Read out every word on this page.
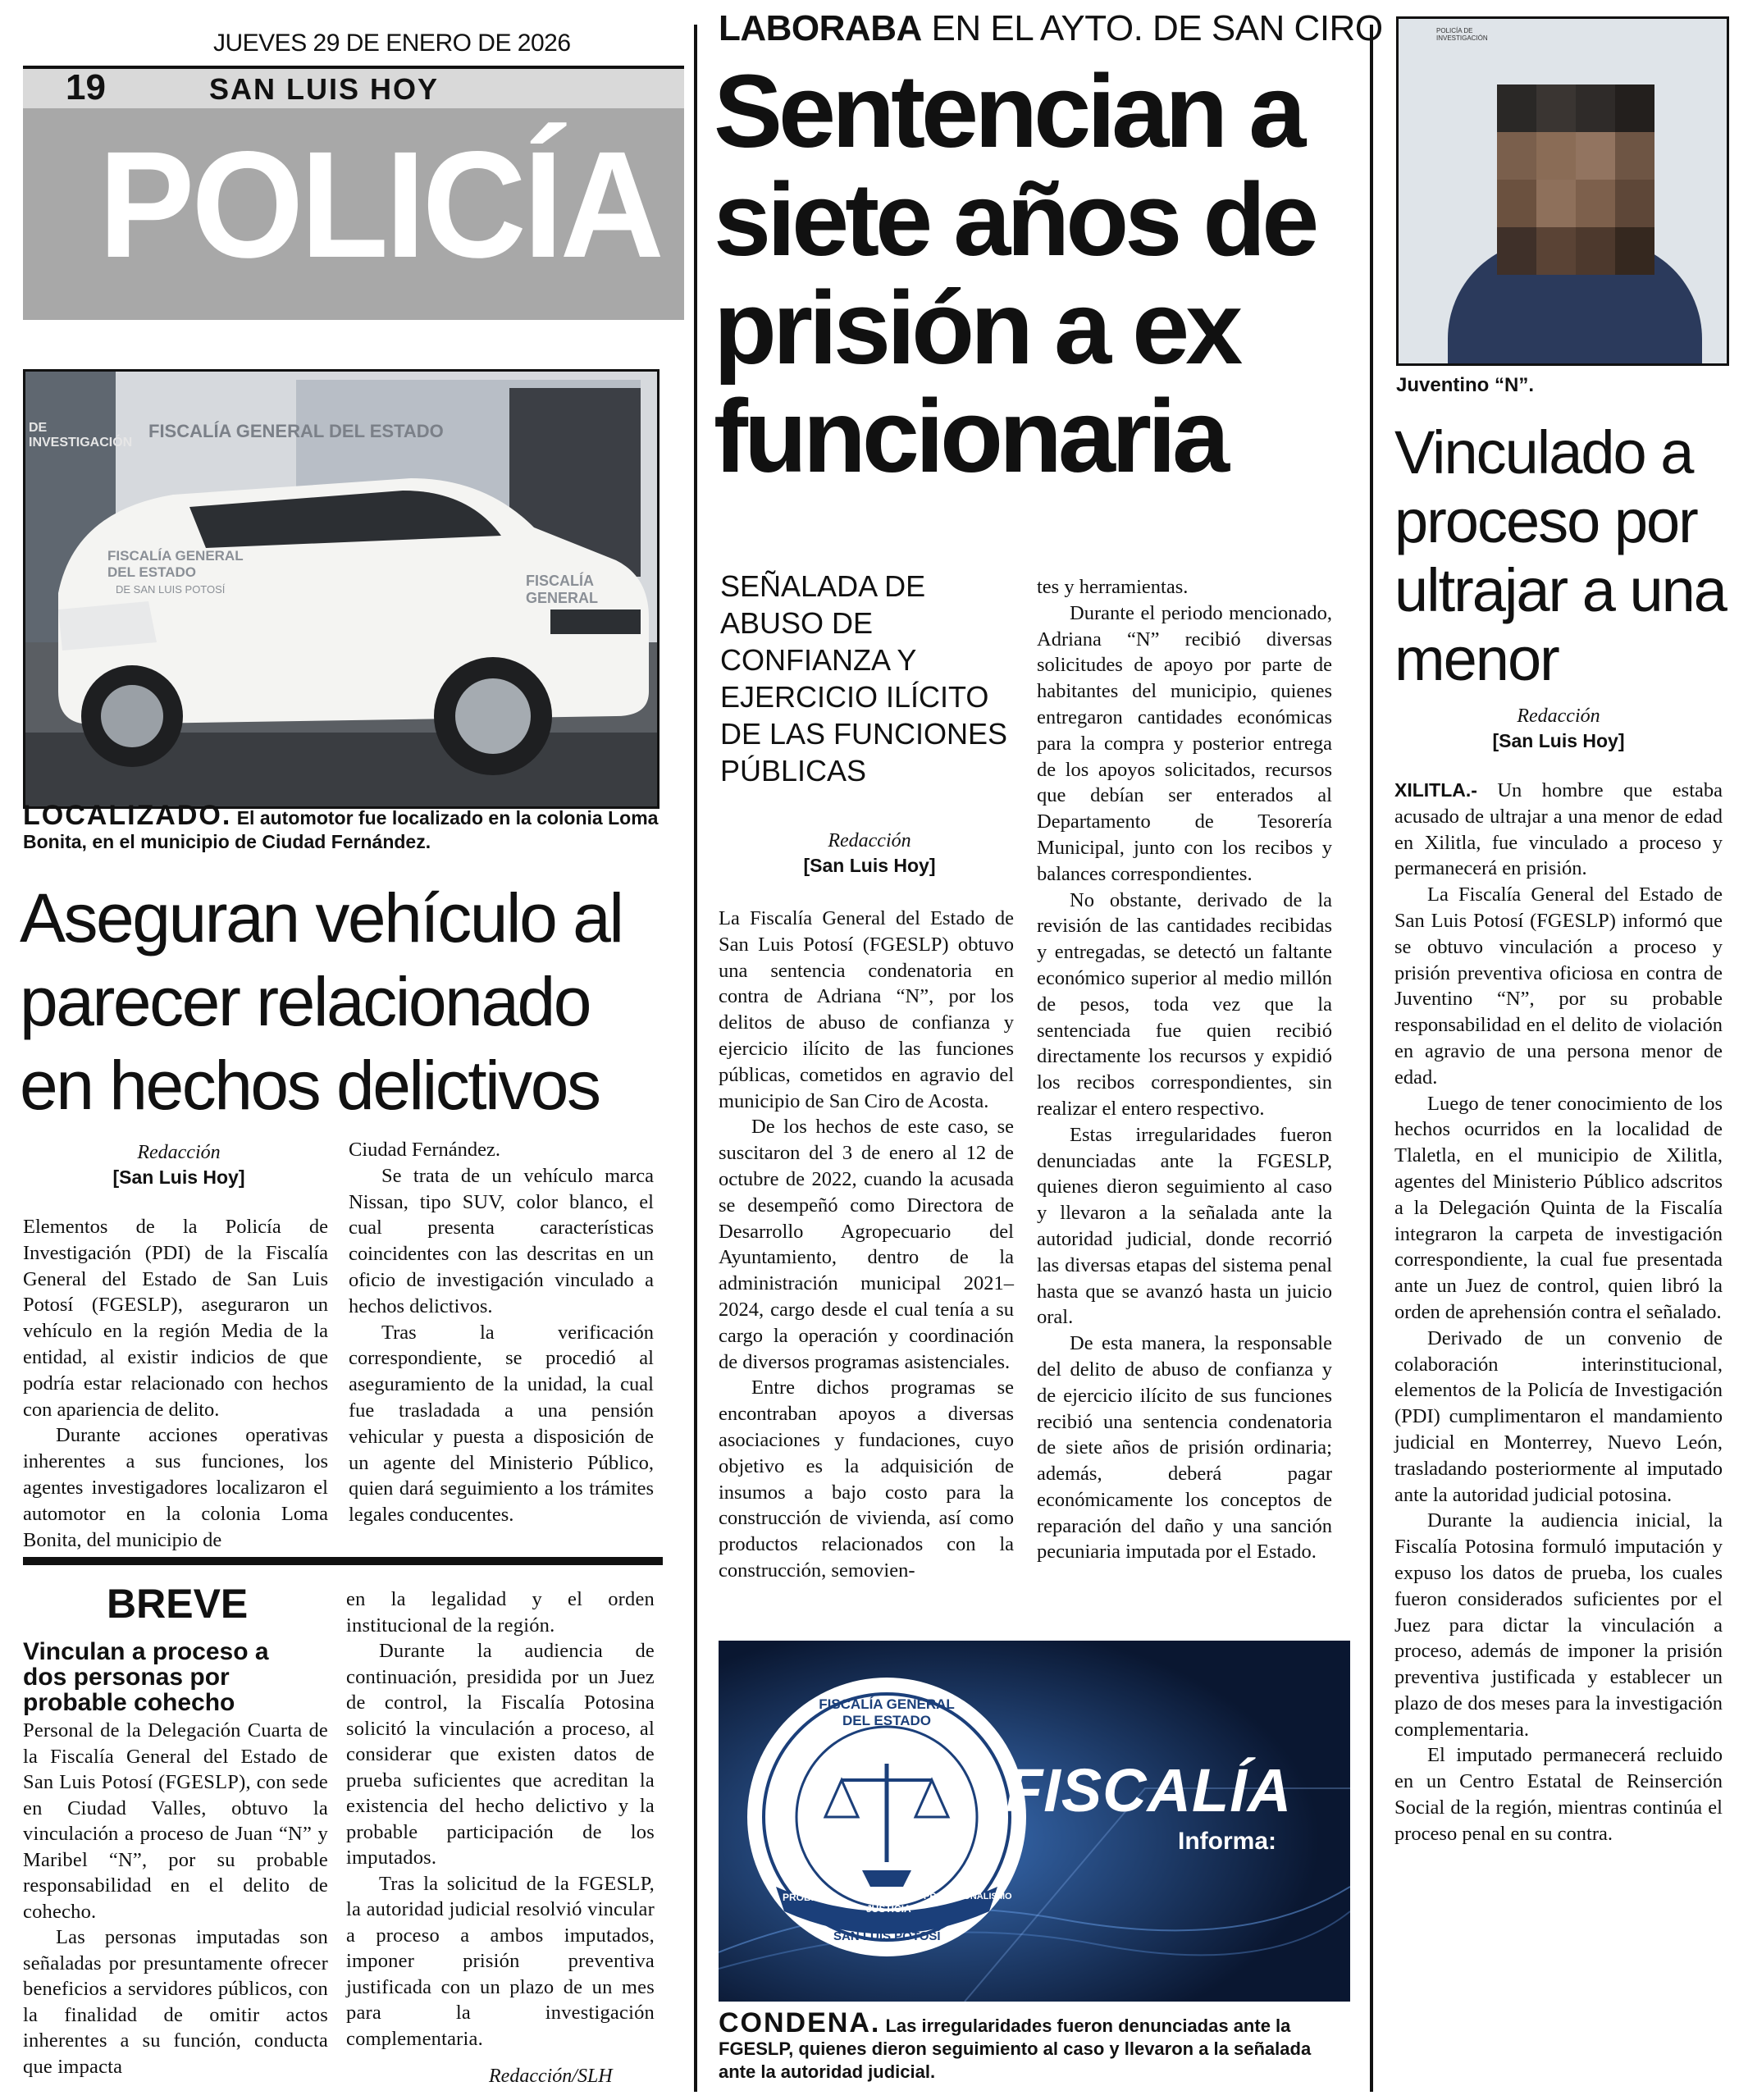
JUEVES 29 DE ENERO DE 2026
19	SAN LUIS HOY
POLICÍA
FISCALÍA GENERAL DEL ESTADO
FISCALÍA GENERAL DEL ESTADO
DE SAN LUIS POTOSÍ
DE INVESTIGACIÓN
FISCALÍA GENERAL
LOCALIZADO. El automotor fue localizado en la colonia Loma Bonita, en el municipio de Ciudad Fernández.
Aseguran vehículo al parecer relacionado en hechos delictivos
Redacción
[San Luis Hoy]

Elementos de la Policía de Investigación (PDI) de la Fiscalía General del Estado de San Luis Potosí (FGESLP), aseguraron un vehículo en la región Media de la entidad, al existir indicios de que podría estar relacionado con hechos con apariencia de delito.

Durante acciones operativas inherentes a sus funciones, los agentes investigadores localizaron el automotor en la colonia Loma Bonita, del municipio de

Ciudad Fernández.

Se trata de un vehículo marca Nissan, tipo SUV, color blanco, el cual presenta características coincidentes con las descritas en un oficio de investigación vinculado a hechos delictivos.

Tras la verificación correspondiente, se procedió al aseguramiento de la unidad, la cual fue trasladada a una pensión vehicular y puesta a disposición de un agente del Ministerio Público, quien dará seguimiento a los trámites legales conducentes.

BREVE
Vinculan a proceso a dos personas por probable cohecho

Personal de la Delegación Cuarta de la Fiscalía General del Estado de San Luis Potosí (FGESLP), con sede en Ciudad Valles, obtuvo la vinculación a proceso de Juan “N” y Maribel “N”, por su probable responsabilidad en el delito de cohecho.

Las personas imputadas son señaladas por presuntamente ofrecer beneficios a servidores públicos, con la finalidad de omitir actos inherentes a su función, conducta que impacta

en la legalidad y el orden institucional de la región.

Durante la audiencia de continuación, presidida por un Juez de control, la Fiscalía Potosina solicitó la vinculación a proceso, al considerar que existen datos de prueba suficientes que acreditan la existencia del hecho delictivo y la probable participación de los imputados.

Tras la solicitud de la FGESLP, la autoridad judicial resolvió vincular a proceso a ambos imputados, imponer prisión preventiva justificada con un plazo de un mes para la investigación complementaria.

Redacción/SLH
LABORABA EN EL AYTO. DE SAN CIRO
Sentencian a siete años de prisión a ex funcionaria
SEÑALADA DE ABUSO DE CONFIANZA Y EJERCICIO ILÍCITO DE LAS FUNCIONES PÚBLICAS
Redacción
[San Luis Hoy]

La Fiscalía General del Estado de San Luis Potosí (FGESLP) obtuvo una sentencia condenatoria en contra de Adriana “N”, por los delitos de abuso de confianza y ejercicio ilícito de las funciones públicas, cometidos en agravio del municipio de San Ciro de Acosta.

De los hechos de este caso, se suscitaron del 3 de enero al 12 de octubre de 2022, cuando la acusada se desempeñó como Directora de Desarrollo Agropecuario del Ayuntamiento, dentro de la administración municipal 2021–2024, cargo desde el cual tenía a su cargo la operación y coordinación de diversos programas asistenciales.

Entre dichos programas se encontraban apoyos a diversas asociaciones y fundaciones, cuyo objetivo es la adquisición de insumos a bajo costo para la construcción de vivienda, así como productos relacionados con la construcción, semovien-

tes y herramientas.

Durante el periodo mencionado, Adriana “N” recibió diversas solicitudes de apoyo por parte de habitantes del municipio, quienes entregaron cantidades económicas para la compra y posterior entrega de los apoyos solicitados, recursos que debían ser enterados al Departamento de Tesorería Municipal, junto con los recibos y balances correspondientes.

No obstante, derivado de la revisión de las cantidades recibidas y entregadas, se detectó un faltante económico superior al medio millón de pesos, toda vez que la sentenciada fue quien recibió directamente los recursos y expidió los recibos correspondientes, sin realizar el entero respectivo.

Estas irregularidades fueron denunciadas ante la FGESLP, quienes dieron seguimiento al caso y llevaron a la señalada ante la autoridad judicial, donde recorrió las diversas etapas del sistema penal hasta que se avanzó hasta un juicio oral.

De esta manera, la responsable del delito de abuso de confianza y de ejercicio ilícito de sus funciones recibió una sentencia condenatoria de siete años de prisión ordinaria; además, deberá pagar económicamente los conceptos de reparación del daño y una sanción pecuniaria imputada por el Estado.

FISCALÍA GENERAL DEL ESTADO
PROBIDAD
JUSTICIA
PROFESIONALISMO
SAN LUIS POTOSÍ
FISCALÍA
Informa:
CONDENA. Las irregularidades fueron denunciadas ante la FGESLP, quienes dieron seguimiento al caso y llevaron a la señalada ante la autoridad judicial.
POLICÍA DE INVESTIGACIÓN
Juventino “N”.
Vinculado a proceso por ultrajar a una menor
Redacción
[San Luis Hoy]

XILITLA.- Un hombre que estaba acusado de ultrajar a una menor de edad en Xilitla, fue vinculado a proceso y permanecerá en prisión.

La Fiscalía General del Estado de San Luis Potosí (FGESLP) informó que se obtuvo vinculación a proceso y prisión preventiva oficiosa en contra de Juventino “N”, por su probable responsabilidad en el delito de violación en agravio de una persona menor de edad.

Luego de tener conocimiento de los hechos ocurridos en la localidad de Tlaletla, en el municipio de Xilitla, agentes del Ministerio Público adscritos a la Delegación Quinta de la Fiscalía integraron la carpeta de investigación correspondiente, la cual fue presentada ante un Juez de control, quien libró la orden de aprehensión contra el señalado.

Derivado de un convenio de colaboración interinstitucional, elementos de la Policía de Investigación (PDI) cumplimentaron el mandamiento judicial en Monterrey, Nuevo León, trasladando posteriormente al imputado ante la autoridad judicial potosina.

Durante la audiencia inicial, la Fiscalía Potosina formuló imputación y expuso los datos de prueba, los cuales fueron considerados suficientes por el Juez para dictar la vinculación a proceso, además de imponer la prisión preventiva justificada y establecer un plazo de dos meses para la investigación complementaria.

El imputado permanecerá recluido en un Centro Estatal de Reinserción Social de la región, mientras continúa el proceso penal en su contra.
